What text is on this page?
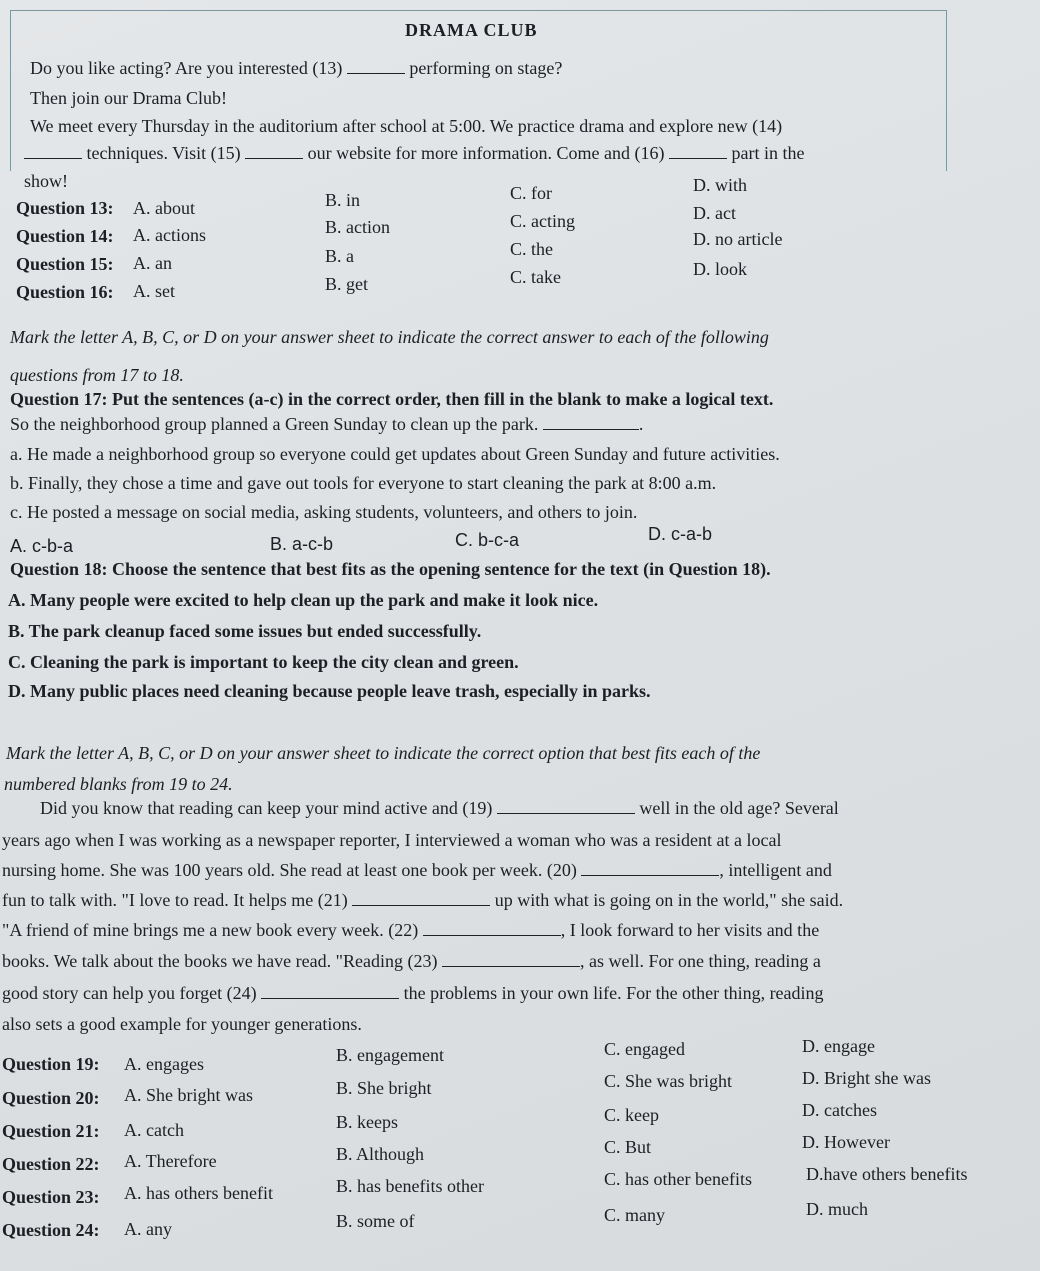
DRAMA CLUB
Do you like acting? Are you interested (13)	performing on stage?
Then join our Drama Club!
We meet every Thursday in the auditorium after school at 5:00. We practice drama and explore new (14)
techniques. Visit (15)	our website for more information. Come and (16)	part in the
show!
Question 13: A. about	B. in	C. for	D. with
Question 14: A. actions	B. action	C. acting	D. act
Question 15: A. an	B. a	C. the	D. no article
Question 16: A. set	B. get	C. take	D. look
Mark the letter A, B, C, or D on your answer sheet to indicate the correct answer to each of the following
questions from 17 to 18.
Question 17: Put the sentences (a-c) in the correct order, then fill in the blank to make a logical text.
So the neighborhood group planned a Green Sunday to clean up the park.	.
a. He made a neighborhood group so everyone could get updates about Green Sunday and future activities.
b. Finally, they chose a time and gave out tools for everyone to start cleaning the park at 8:00 a.m.
c. He posted a message on social media, asking students, volunteers, and others to join.
A. c-b-a	B. a-c-b	C. b-c-a	D. c-a-b
Question 18: Choose the sentence that best fits as the opening sentence for the text (in Question 18).
A. Many people were excited to help clean up the park and make it look nice.
B. The park cleanup faced some issues but ended successfully.
C. Cleaning the park is important to keep the city clean and green.
D. Many public places need cleaning because people leave trash, especially in parks.
Mark the letter A, B, C, or D on your answer sheet to indicate the correct option that best fits each of the
numbered blanks from 19 to 24.
Did you know that reading can keep your mind active and (19)	well in the old age? Several
years ago when I was working as a newspaper reporter, I interviewed a woman who was a resident at a local
nursing home. She was 100 years old. She read at least one book per week. (20)	, intelligent and
fun to talk with. "I love to read. It helps me (21)	up with what is going on in the world," she said.
"A friend of mine brings me a new book every week. (22)	, I look forward to her visits and the
books. We talk about the books we have read. "Reading (23)	, as well. For one thing, reading a
good story can help you forget (24)	the problems in your own life. For the other thing, reading
also sets a good example for younger generations.
Question 19: A. engages	B. engagement	C. engaged	D. engage
Question 20: A. She bright was	B. She bright	C. She was bright	D. Bright she was
Question 21: A. catch	B. keeps	C. keep	D. catches
Question 22: A. Therefore	B. Although	C. But	D. However
Question 23: A. has others benefit	B. has benefits other	C. has other benefits	D.have others benefits
Question 24: A. any	B. some of	C. many	D. much
